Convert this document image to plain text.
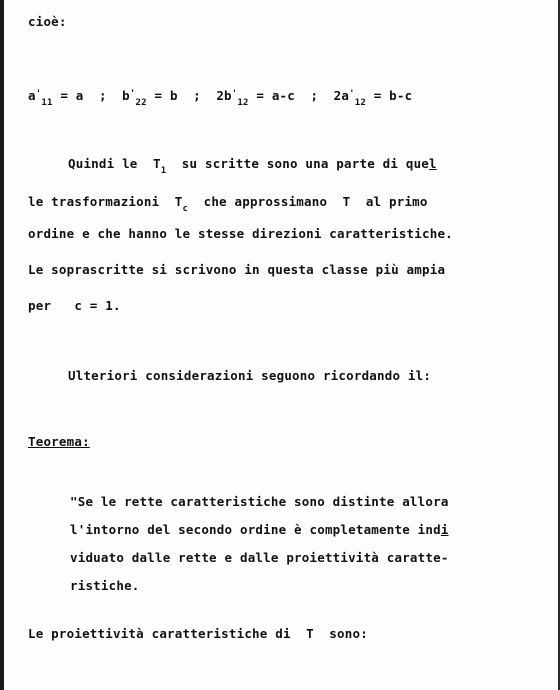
cioè:
$a'_{11} = a$  ;  $b'_{22} = b$  ;  $2b'_{12} = a-c$  ;  $2a'_{12} = b-c$
Quindi le  $T_1$  su scritte sono una parte di quel
le trasformazioni  $T_c$  che approssimano  T  al primo
ordine e che hanno le stesse direzioni caratteristiche.
Le soprascritte si scrivono in questa classe più ampia
per   c = 1.
Ulteriori considerazioni seguono ricordando il:
Teorema:
"Se le rette caratteristiche sono distinte allora
l'intorno del secondo ordine è completamente indi
viduato dalle rette e dalle proiettività caratte-
ristiche.
Le proiettività caratteristiche di  T  sono:
